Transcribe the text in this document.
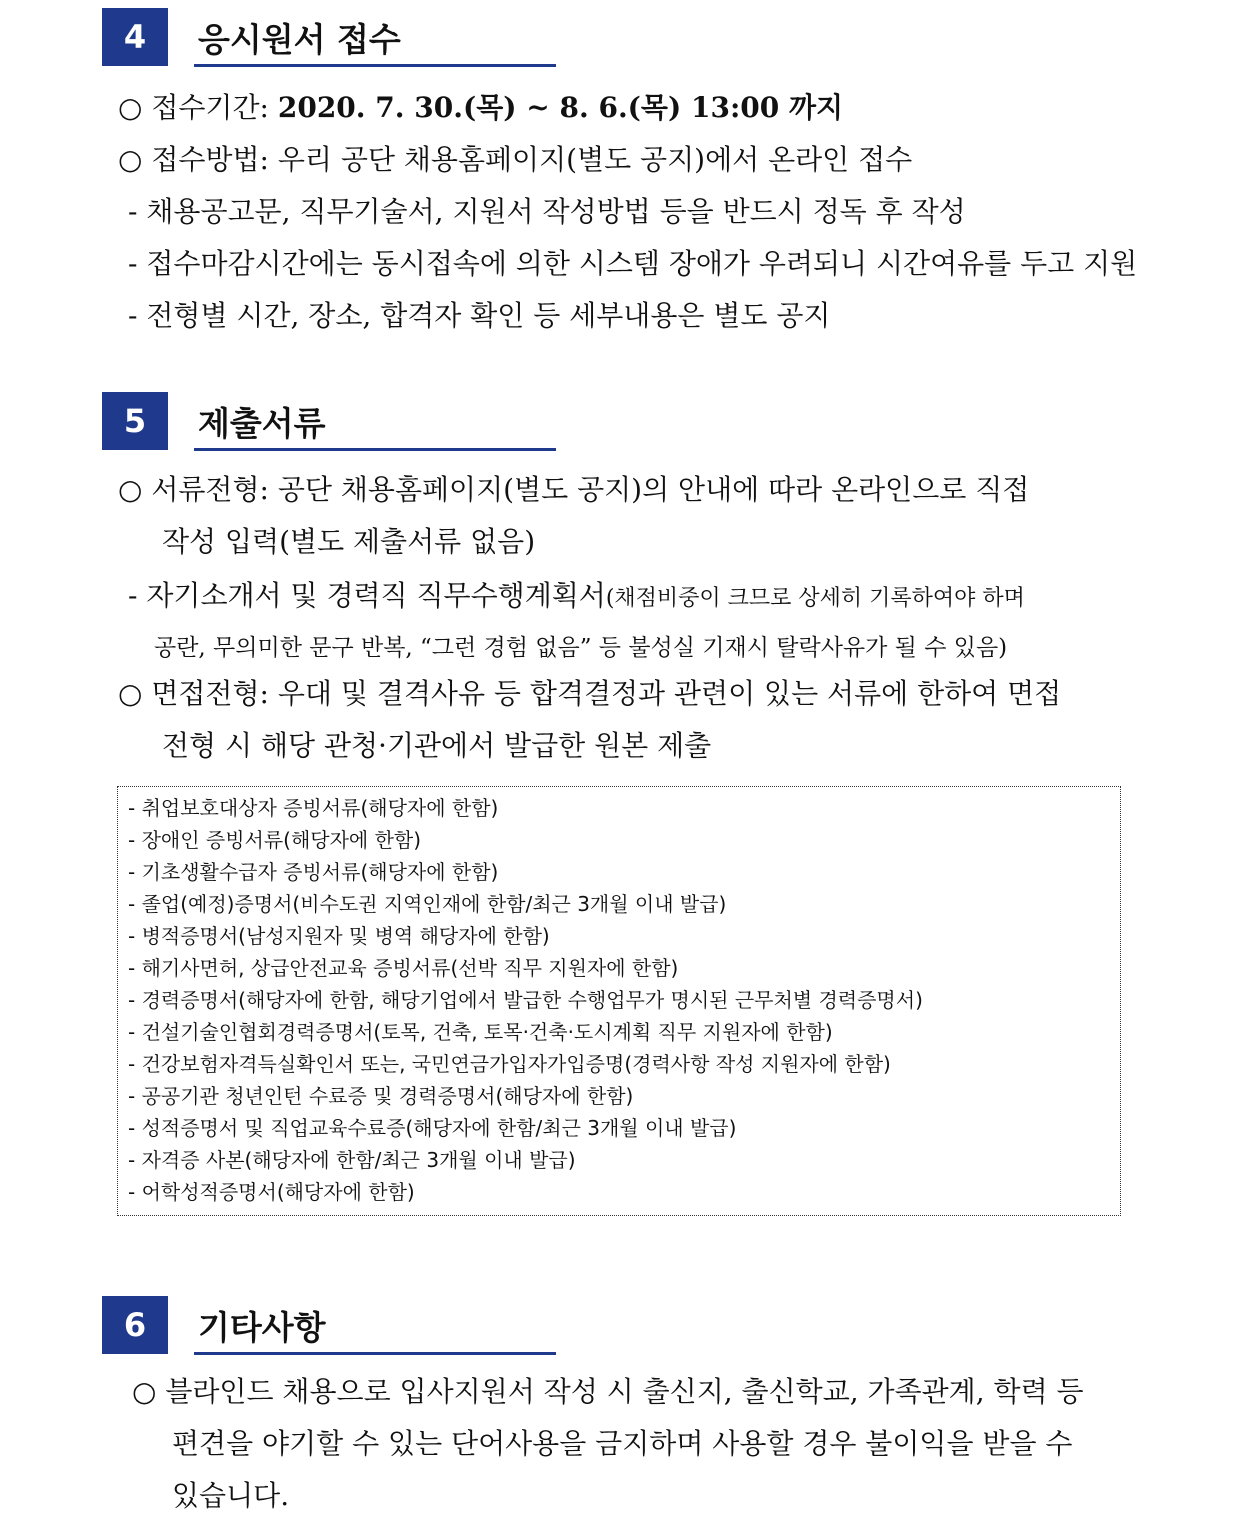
4	응시원서 접수
○ 접수기간: 2020. 7. 30.(목) ~ 8. 6.(목) 13:00 까지
○ 접수방법: 우리 공단 채용홈페이지(별도 공지)에서 온라인 접수
- 채용공고문, 직무기술서, 지원서 작성방법 등을 반드시 정독 후 작성
- 접수마감시간에는 동시접속에 의한 시스템 장애가 우려되니 시간여유를 두고 지원
- 전형별 시간, 장소, 합격자 확인 등 세부내용은 별도 공지
5	제출서류
○ 서류전형: 공단 채용홈페이지(별도 공지)의 안내에 따라 온라인으로 직접
작성 입력(별도 제출서류 없음)
- 자기소개서 및 경력직 직무수행계획서(채점비중이 크므로 상세히 기록하여야 하며
공란, 무의미한 문구 반복, “그런 경험 없음” 등 불성실 기재시 탈락사유가 될 수 있음)
○ 면접전형: 우대 및 결격사유 등 합격결정과 관련이 있는 서류에 한하여 면접
전형 시 해당 관청·기관에서 발급한 원본 제출
- 취업보호대상자 증빙서류(해당자에 한함)
- 장애인 증빙서류(해당자에 한함)
- 기초생활수급자 증빙서류(해당자에 한함)
- 졸업(예정)증명서(비수도권 지역인재에 한함/최근 3개월 이내 발급)
- 병적증명서(남성지원자 및 병역 해당자에 한함)
- 해기사면허, 상급안전교육 증빙서류(선박 직무 지원자에 한함)
- 경력증명서(해당자에 한함, 해당기업에서 발급한 수행업무가 명시된 근무처별 경력증명서)
- 건설기술인협회경력증명서(토목, 건축, 토목·건축·도시계획 직무 지원자에 한함)
- 건강보험자격득실확인서 또는, 국민연금가입자가입증명(경력사항 작성 지원자에 한함)
- 공공기관 청년인턴 수료증 및 경력증명서(해당자에 한함)
- 성적증명서 및 직업교육수료증(해당자에 한함/최근 3개월 이내 발급)
- 자격증 사본(해당자에 한함/최근 3개월 이내 발급)
- 어학성적증명서(해당자에 한함)
6	기타사항
○ 블라인드 채용으로 입사지원서 작성 시 출신지, 출신학교, 가족관계, 학력 등
편견을 야기할 수 있는 단어사용을 금지하며 사용할 경우 불이익을 받을 수
있습니다.
